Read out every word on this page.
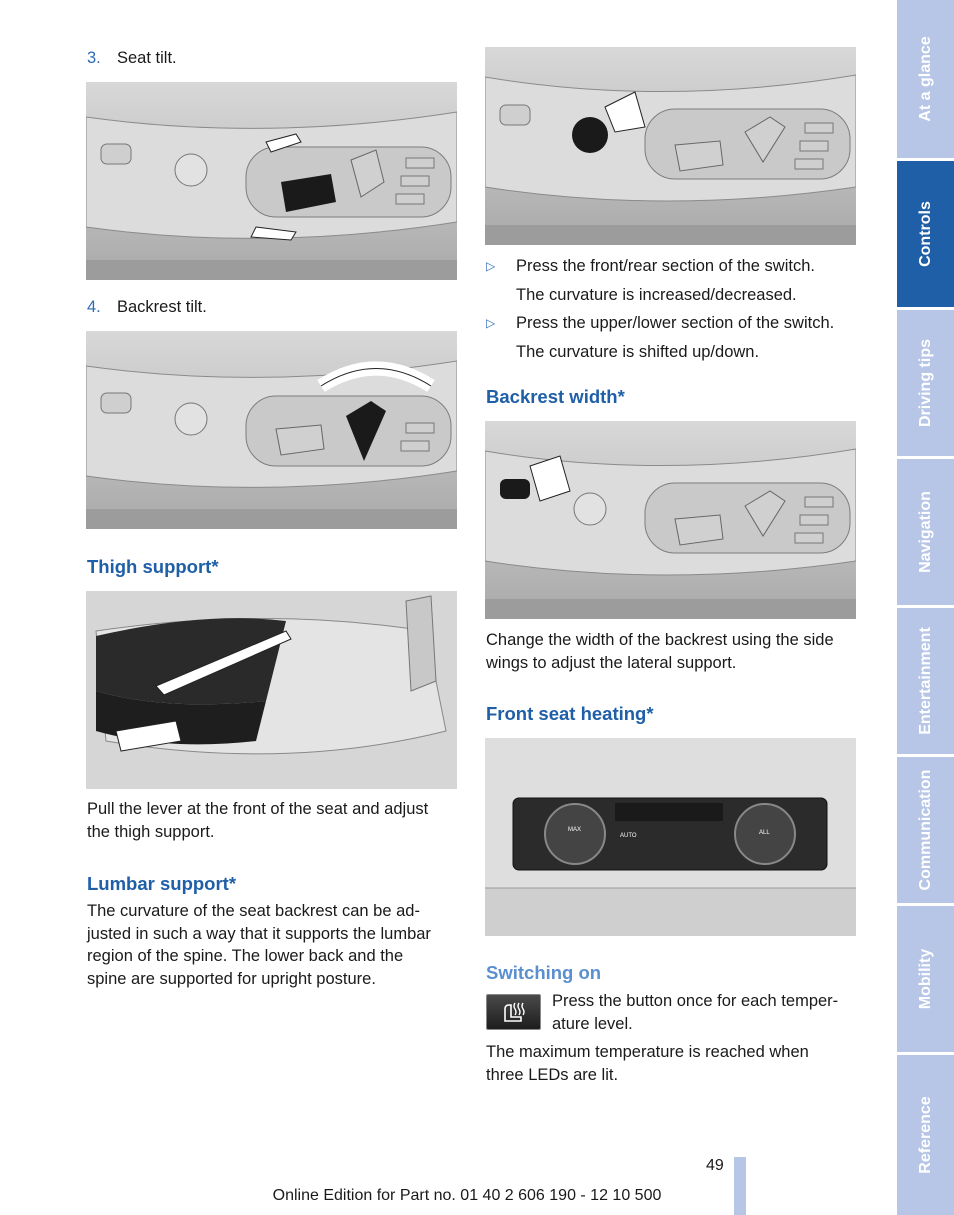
3. Seat tilt.
4. Backrest tilt.
Thigh support*
Pull the lever at the front of the seat and adjust
the thigh support.
Lumbar support*
The curvature of the seat backrest can be ad-
justed in such a way that it supports the lumbar
region of the spine. The lower back and the
spine are supported for upright posture.
▷ Press the front/rear section of the switch.
The curvature is increased/decreased.
▷ Press the upper/lower section of the switch.
The curvature is shifted up/down.
Backrest width*
Change the width of the backrest using the side
wings to adjust the lateral support.
Front seat heating*
MAX
AUTO	ALL
Switching on
Press the button once for each temper-
ature level.
The maximum temperature is reached when
three LEDs are lit.
At a glance
Controls
Driving tips
Navigation
Entertainment
Communication
Mobility
Reference
49
Online Edition for Part no. 01 40 2 606 190 - 12 10 500
